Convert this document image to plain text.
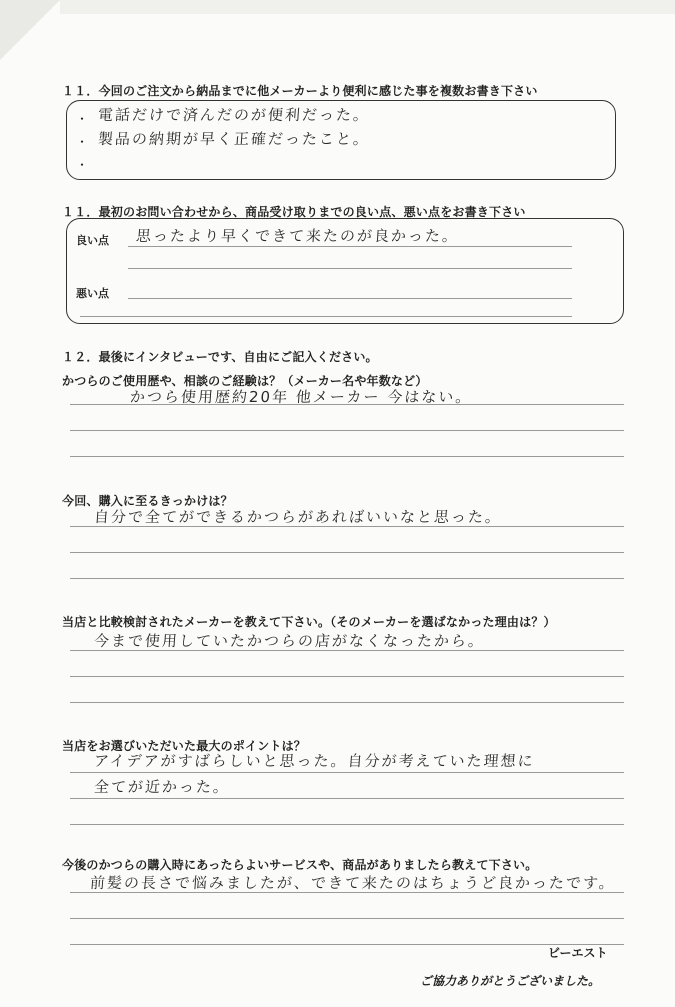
１１．今回のご注文から納品までに他メーカーより便利に感じた事を複数お書き下さい
・
・
・
電話だけで済んだのが便利だった。
製品の納期が早く正確だったこと。
１１．最初のお問い合わせから、商品受け取りまでの良い点、悪い点をお書き下さい
良い点 思ったより早くできて来たのが良かった。
悪い点
１２．最後にインタビューです、自由にご記入ください。
かつらのご使用歴や、相談のご経験は？（メーカー名や年数など）
かつら使用歴約20年 他メーカー 今はない。
今回、購入に至るきっかけは？
自分で全てができるかつらがあればいいなと思った。
当店と比較検討されたメーカーを教えて下さい。（そのメーカーを選ばなかった理由は？）
今まで使用していたかつらの店がなくなったから。
当店をお選びいただいた最大のポイントは？
アイデアがすばらしいと思った。自分が考えていた理想に
全てが近かった。
今後のかつらの購入時にあったらよいサービスや、商品がありましたら教えて下さい。
前髪の長さで悩みましたが、できて来たのはちょうど良かったです。
ビーエスト
ご協力ありがとうございました。
